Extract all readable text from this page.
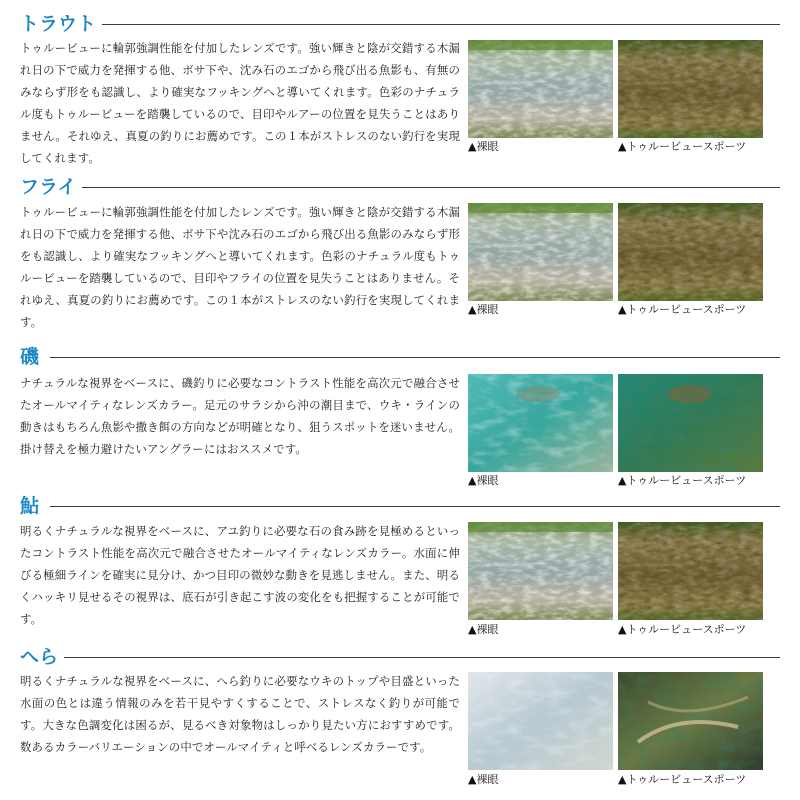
トラウト
トゥルービューに輪郭強調性能を付加したレンズです。強い輝きと陰が交錯する木漏れ日の下で威力を発揮する他、ボサ下や、沈み石のエゴから飛び出る魚影も、有無のみならず形をも認識し、より確実なフッキングへと導いてくれます。色彩のナチュラル度もトゥルービューを踏襲しているので、目印やルアーの位置を見失うことはありません。それゆえ、真夏の釣りにお薦めです。この１本がストレスのない釣行を実現してくれます。
▲裸眼	▲トゥルービュースポーツ
フライ
トゥルービューに輪郭強調性能を付加したレンズです。強い輝きと陰が交錯する木漏れ日の下で威力を発揮する他、ボサ下や沈み石のエゴから飛び出る魚影のみならず形をも認識し、より確実なフッキングへと導いてくれます。色彩のナチュラル度もトゥルービューを踏襲しているので、目印やフライの位置を見失うことはありません。それゆえ、真夏の釣りにお薦めです。この１本がストレスのない釣行を実現してくれます。
▲裸眼	▲トゥルービュースポーツ
磯
ナチュラルな視界をベースに、磯釣りに必要なコントラスト性能を高次元で融合させたオールマイティなレンズカラー。足元のサラシから沖の潮目まで、ウキ・ラインの動きはもちろん魚影や撒き餌の方向などが明確となり、狙うスポットを迷いません。掛け替えを極力避けたいアングラーにはおススメです。
▲裸眼	▲トゥルービュースポーツ
鮎
明るくナチュラルな視界をベースに、アユ釣りに必要な石の食み跡を見極めるといったコントラスト性能を高次元で融合させたオールマイティなレンズカラー。水面に伸びる極細ラインを確実に見分け、かつ目印の微妙な動きを見逃しません。また、明るくハッキリ見せるその視界は、底石が引き起こす波の変化をも把握することが可能です。
▲裸眼	▲トゥルービュースポーツ
へら
明るくナチュラルな視界をベースに、へら釣りに必要なウキのトップや目盛といった水面の色とは違う情報のみを若干見やすくすることで、ストレスなく釣りが可能です。大きな色調変化は困るが、見るべき対象物はしっかり見たい方におすすめです。数あるカラーバリエーションの中でオールマイティと呼べるレンズカラーです。
▲裸眼	▲トゥルービュースポーツ
